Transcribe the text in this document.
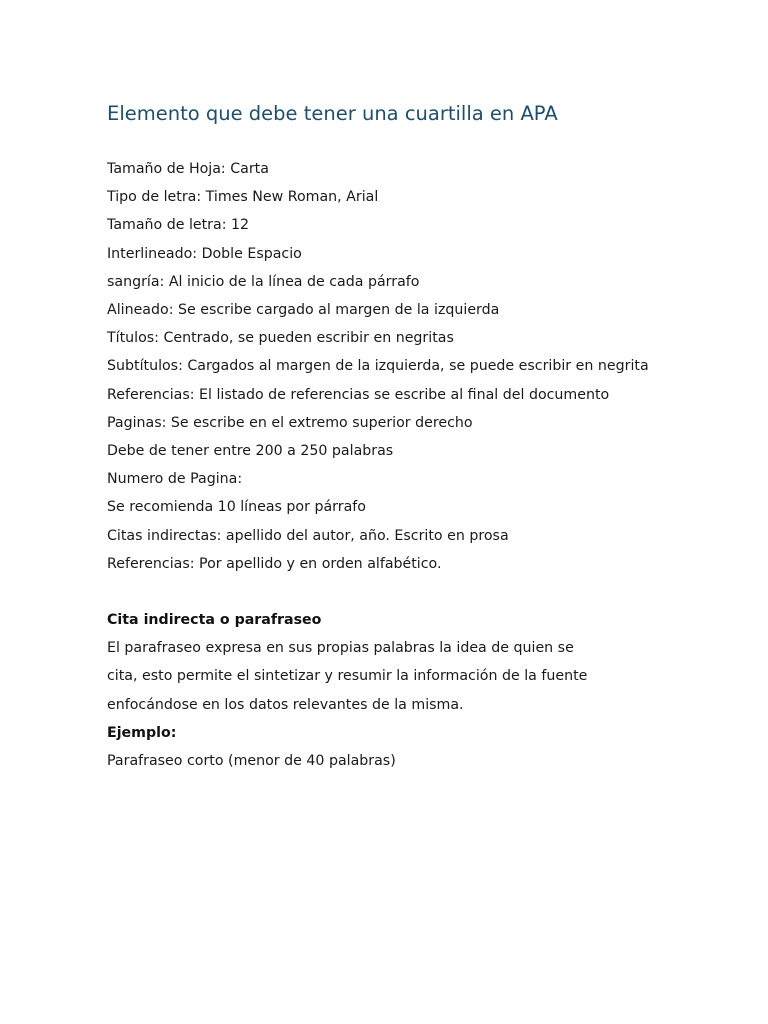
Elemento que debe tener una cuartilla en APA
Tamaño de Hoja: Carta
Tipo de letra: Times New Roman, Arial
Tamaño de letra: 12
Interlineado: Doble Espacio
sangría: Al inicio de la línea de cada párrafo
Alineado: Se escribe cargado al margen de la izquierda
Títulos: Centrado, se pueden escribir en negritas
Subtítulos: Cargados al margen de la izquierda, se puede escribir en negrita
Referencias: El listado de referencias se escribe al final del documento
Paginas: Se escribe en el extremo superior derecho
Debe de tener entre 200 a 250 palabras
Numero de Pagina:
Se recomienda 10 líneas por párrafo
Citas indirectas: apellido del autor, año. Escrito en prosa
Referencias: Por apellido y en orden alfabético.
Cita indirecta o parafraseo
El parafraseo expresa en sus propias palabras la idea de quien se
cita, esto permite el sintetizar y resumir la información de la fuente
enfocándose en los datos relevantes de la misma.
Ejemplo:
Parafraseo corto (menor de 40 palabras)
